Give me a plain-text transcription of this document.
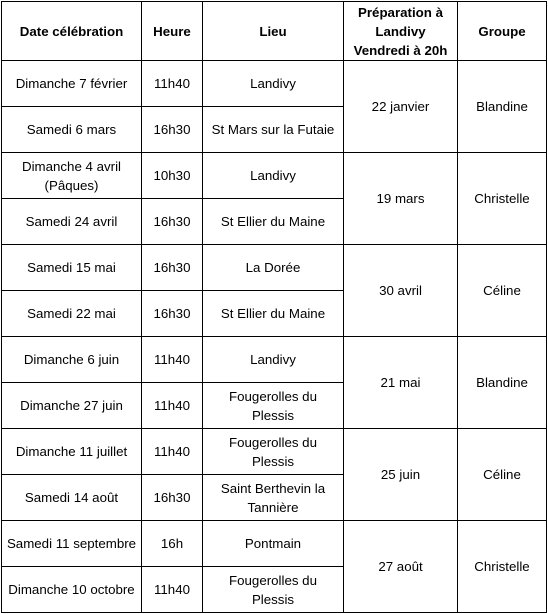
Date célébration	Heure	Lieu	Préparation à Landivy Vendredi à 20h	Groupe
Dimanche 7 février	11h40	Landivy	22 janvier	Blandine
Samedi 6 mars	16h30	St Mars sur la Futaie		
Dimanche 4 avril (Pâques)	10h30	Landivy	19 mars	Christelle
Samedi 24 avril	16h30	St Ellier du Maine		
Samedi 15 mai	16h30	La Dorée	30 avril	Céline
Samedi 22 mai	16h30	St Ellier du Maine		
Dimanche 6 juin	11h40	Landivy	21 mai	Blandine
Dimanche 27 juin	11h40	Fougerolles du Plessis		
Dimanche 11 juillet	11h40	Fougerolles du Plessis	25 juin	Céline
Samedi 14 août	16h30	Saint Berthevin la Tannière		
Samedi 11 septembre	16h	Pontmain	27 août	Christelle
Dimanche 10 octobre	11h40	Fougerolles du Plessis		
